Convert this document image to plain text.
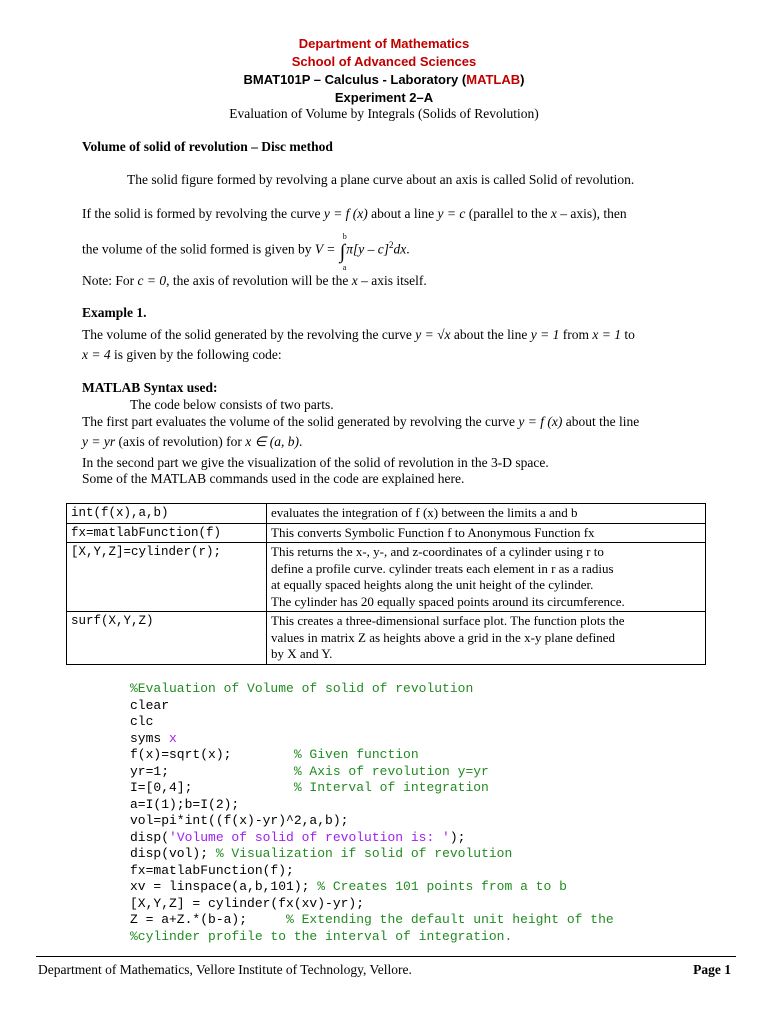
Department of Mathematics
School of Advanced Sciences
BMAT101P – Calculus - Laboratory (MATLAB)
Experiment 2–A
Evaluation of Volume by Integrals (Solids of Revolution)
Volume of solid of revolution – Disc method
The solid figure formed by revolving a plane curve about an axis is called Solid of revolution.
If the solid is formed by revolving the curve y = f (x) about a line y = c (parallel to the x – axis), then
the volume of the solid formed is given by V = ∫
b
a
π[y – c]$^2$dx.
Note: For c = 0, the axis of revolution will be the x – axis itself.
Example 1.
The volume of the solid generated by the revolving the curve y = √x about the line y = 1 from x = 1 to
x = 4 is given by the following code:
MATLAB Syntax used:
The code below consists of two parts.
The first part evaluates the volume of the solid generated by revolving the curve y = f (x) about the line
y = yr (axis of revolution) for x ∈ (a, b).
In the second part we give the visualization of the solid of revolution in the 3-D space.
Some of the MATLAB commands used in the code are explained here.
int(f(x),a,b)	evaluates the integration of f (x) between the limits a and b
fx=matlabFunction(f)	This converts Symbolic Function f to Anonymous Function fx
[X,Y,Z]=cylinder(r);	This returns the x-, y-, and z-coordinates of a cylinder using r to
define a profile curve. cylinder treats each element in r as a radius
at equally spaced heights along the unit height of the cylinder.
The cylinder has 20 equally spaced points around its circumference.

surf(X,Y,Z)	This creates a three-dimensional surface plot. The function plots the
values in matrix Z as heights above a grid in the x-y plane defined
by X and Y.
%Evaluation of Volume of solid of revolution
clear
clc
syms x
f(x)=sqrt(x);        % Given function
yr=1;                % Axis of revolution y=yr
I=[0,4];             % Interval of integration
a=I(1);b=I(2);
vol=pi*int((f(x)-yr)^2,a,b);
disp('Volume of solid of revolution is: ');
disp(vol); % Visualization if solid of revolution
fx=matlabFunction(f);
xv = linspace(a,b,101); % Creates 101 points from a to b
[X,Y,Z] = cylinder(fx(xv)-yr);
Z = a+Z.*(b-a);     % Extending the default unit height of the
%cylinder profile to the interval of integration.
Department of Mathematics, Vellore Institute of Technology, Vellore.	Page 1
